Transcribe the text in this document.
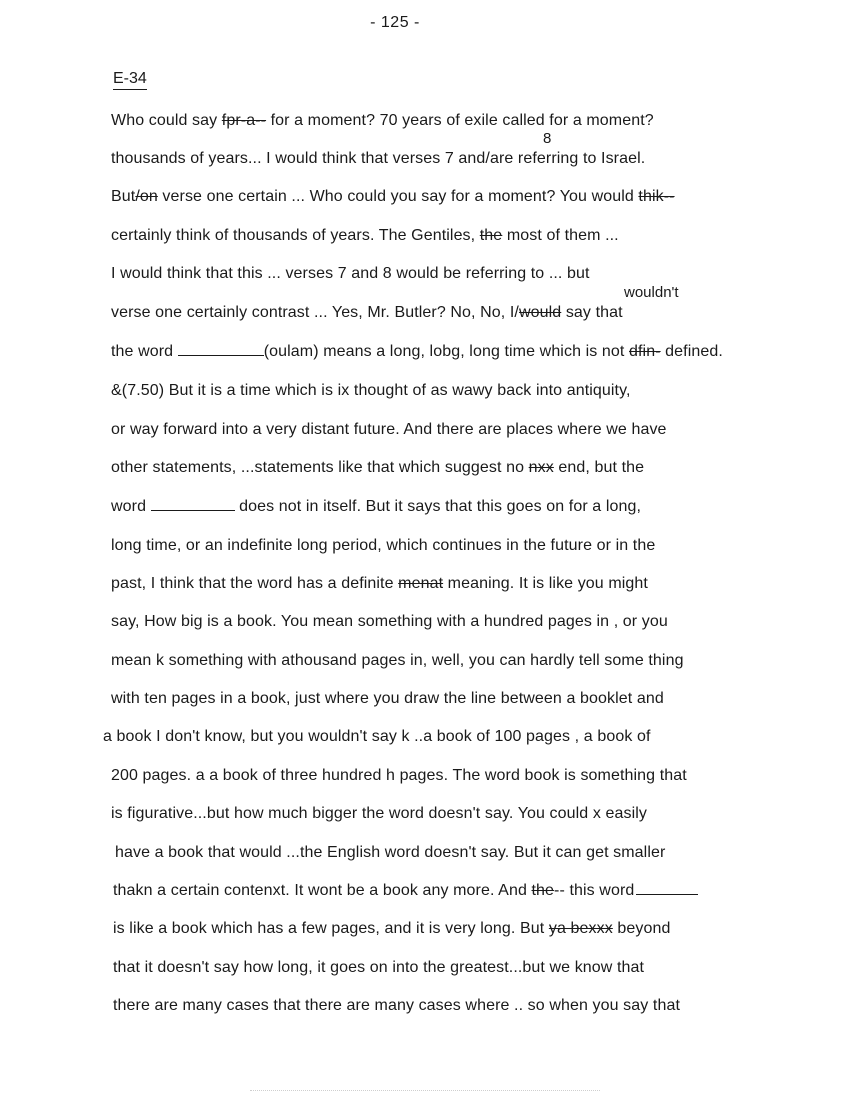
- 125 -
E-34
8
wouldn't
Who could say fpr-a-- for a moment? 70 years of exile called for a moment?
thousands of years... I would think that verses 7 and/are referring to Israel.
But/on verse one certain ... Who could you say for a moment? You would thik--
certainly think of thousands of years. The Gentiles, the most of them ...
I would think that this ... verses 7 and 8 would be referring to ... but
verse one certainly contrast ... Yes, Mr. Butler? No, No, I/would say that
the word	(oulam) means a long, lobg, long time which is not dfin- defined.
&(7.50) But it is a time which is ix thought of as wawy back into antiquity,
or way forward into a very distant future. And there are places where we have
other statements, ...statements like that which suggest no nxx end, but the
word	does not in itself. But it says that this goes on for a long,
long time, or an indefinite long period, which continues in the future or in the
past, I think that the word has a definite menat meaning. It is like you might
say, How big is a book. You mean something with a hundred pages in , or you
mean k something with athousand pages in, well, you can hardly tell some thing
with ten pages in a book, just where you draw the line between a booklet and
a book I don't know, but you wouldn't say k ..a book of 100 pages , a book of
200 pages. a a book of three hundred h pages. The word book is something that
is figurative...but how much bigger the word doesn't say. You could x easily
have a book that would ...the English word doesn't say. But it can get smaller
thakn a certain contenxt. It wont be a book any more. And the-- this word
is like a book which has a few pages, and it is very long. But ya bexxx beyond
that it doesn't say how long, it goes on into the greatest...but we know that
there are many cases that there are many cases where .. so when you say that
